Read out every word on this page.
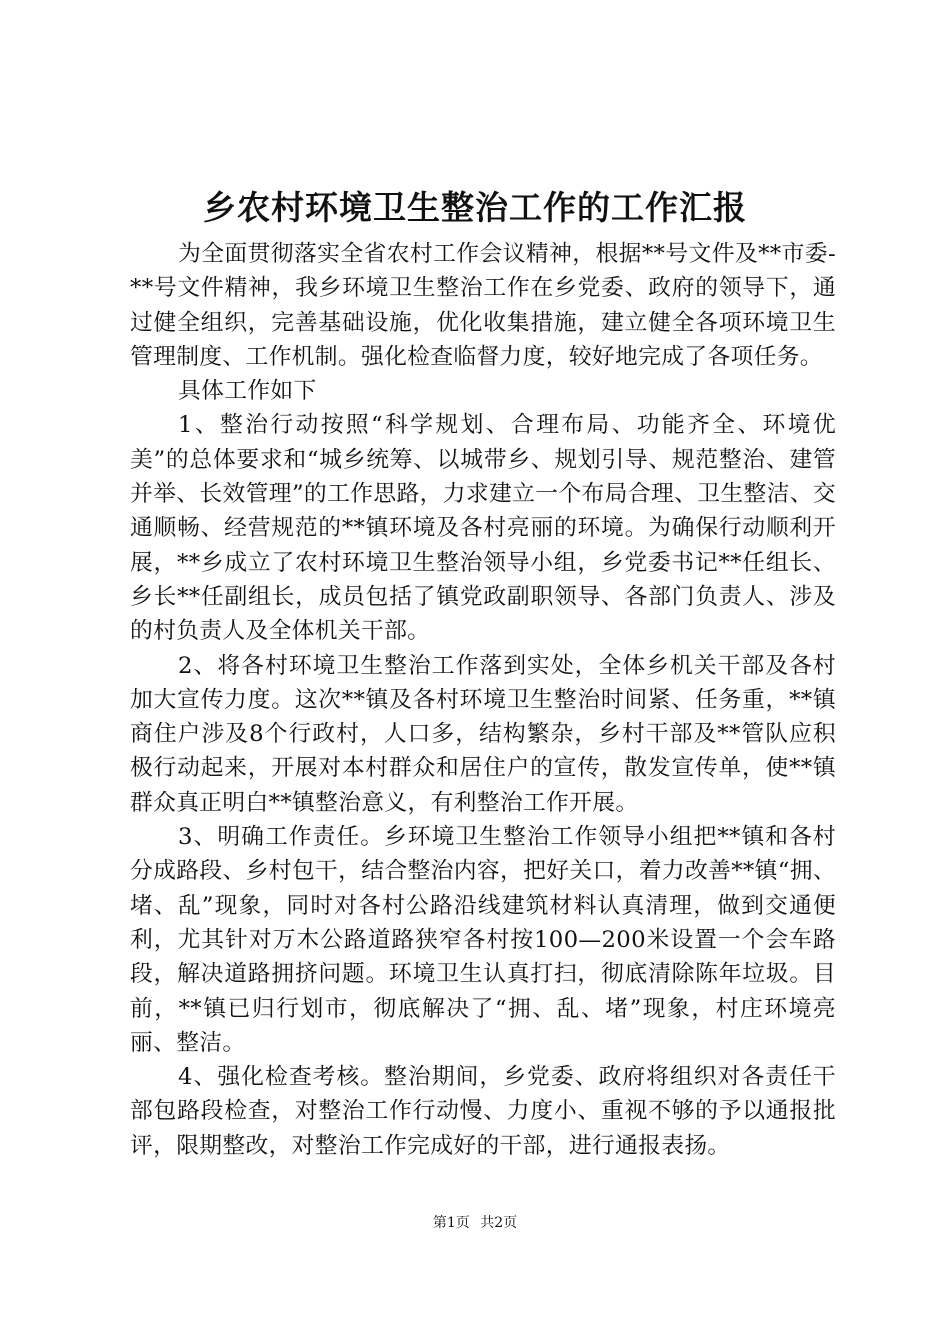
乡农村环境卫生整治工作的工作汇报

为全面贯彻落实全省农村工作会议精神，根据**号文件及**市委-**号文件精神，我乡环境卫生整治工作在乡党委、政府的领导下，通过健全组织，完善基础设施，优化收集措施，建立健全各项环境卫生管理制度、工作机制。强化检查临督力度，较好地完成了各项任务。

具体工作如下

1、整治行动按照“科学规划、合理布局、功能齐全、环境优美”的总体要求和“城乡统筹、以城带乡、规划引导、规范整治、建管并举、长效管理”的工作思路，力求建立一个布局合理、卫生整洁、交通顺畅、经营规范的**镇环境及各村亮丽的环境。为确保行动顺利开展，**乡成立了农村环境卫生整治领导小组，乡党委书记**任组长、乡长**任副组长，成员包括了镇党政副职领导、各部门负责人、涉及的村负责人及全体机关干部。

2、将各村环境卫生整治工作落到实处，全体乡机关干部及各村加大宣传力度。这次**镇及各村环境卫生整治时间紧、任务重，**镇商住户涉及8个行政村，人口多，结构繁杂，乡村干部及**管队应积极行动起来，开展对本村群众和居住户的宣传，散发宣传单，使**镇群众真正明白**镇整治意义，有利整治工作开展。

3、明确工作责任。乡环境卫生整治工作领导小组把**镇和各村分成路段、乡村包干，结合整治内容，把好关口，着力改善**镇“拥、堵、乱”现象，同时对各村公路沿线建筑材料认真清理，做到交通便利，尤其针对万木公路道路狭窄各村按100—200米设置一个会车路段，解决道路拥挤问题。环境卫生认真打扫，彻底清除陈年垃圾。目前，**镇已归行划市，彻底解决了“拥、乱、堵”现象，村庄环境亮丽、整洁。

4、强化检查考核。整治期间，乡党委、政府将组织对各责任干部包路段检查，对整治工作行动慢、力度小、重视不够的予以通报批评，限期整改，对整治工作完成好的干部，进行通报表扬。

第1页 共2页
